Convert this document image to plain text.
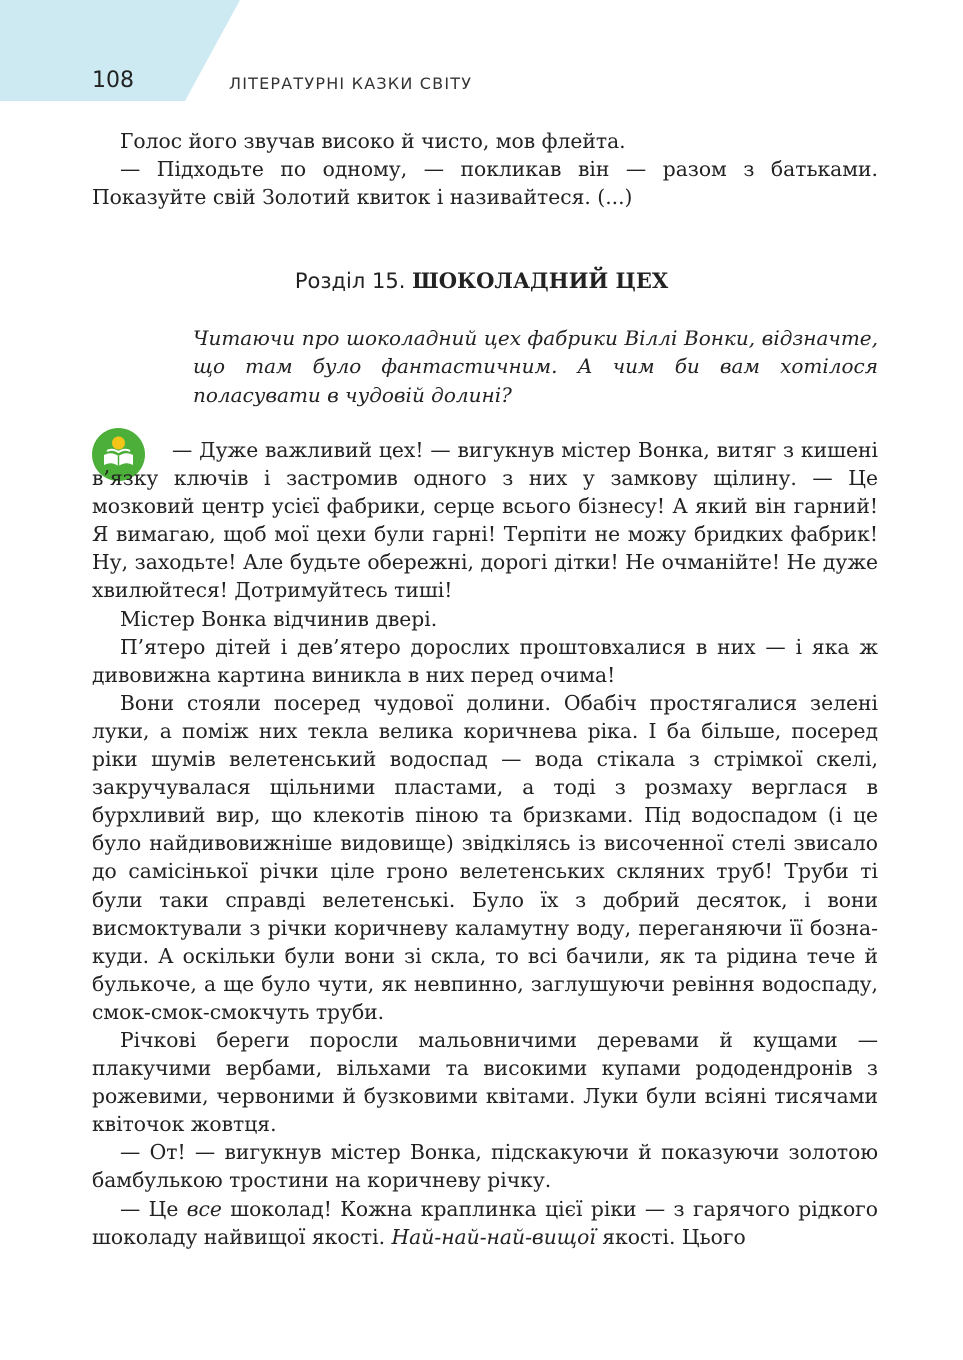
108	ЛІТЕРАТУРНІ КАЗКИ СВІТУ

Голос його звучав високо й чисто, мов флейта.

— Підходьте по одному, — покликав він — разом з батьками. Показуйте свій Золотий квиток і називайтеся. (...)

Розділ 15. ШОКОЛАДНИЙ ЦЕХ

Читаючи про шоколадний цех фабрики Віллі Вонки, відзначте, що там було фантастичним. А чим би вам хотілося поласувати в чудовій долині?

— Дуже важливий цех! — вигукнув містер Вонка, витяг з кишені в’язку ключів і застромив одного з них у замкову щілину. — Це мозковий центр усієї фабрики, серце всього бізнесу! А який він гарний! Я вимагаю, щоб мої цехи були гарні! Терпіти не можу бридких фабрик! Ну, заходьте! Але будьте обережні, дорогі дітки! Не очманійте! Не дуже хвилюйтеся! Дотримуйтесь тиші!

Містер Вонка відчинив двері.

П’ятеро дітей і дев’ятеро дорослих проштовхалися в них — і яка ж дивовижна картина виникла в них перед очима!

Вони стояли посеред чудової долини. Обабіч простягалися зелені луки, а поміж них текла велика коричнева ріка. І ба більше, посеред ріки шумів велетенський водоспад — вода стікала з стрімкої скелі, закручувалася щільними пластами, а тоді з розмаху верглася в бурхливий вир, що клекотів піною та бризками. Під водоспадом (і це було найдивовижніше видовище) звідкілясь із височенної стелі звисало до самісінької річки ціле гроно велетенських скляних труб! Труби ті були таки справді велетенські. Було їх з добрий десяток, і вони висмоктували з річки коричневу каламутну воду, переганяючи її бозна-куди. А оскільки були вони зі скла, то всі бачили, як та рідина тече й булькоче, а ще було чути, як невпинно, заглушуючи ревіння водоспаду, смок-смок-смокчуть труби.

Річкові береги поросли мальовничими деревами й кущами — плакучими вербами, вільхами та високими купами рододендронів з рожевими, червоними й бузковими квітами. Луки були всіяні тисячами квіточок жовтця.

— От! — вигукнув містер Вонка, підскакуючи й показуючи золотою бамбулькою тростини на коричневу річку.

— Це все шоколад! Кожна краплинка цієї ріки — з гарячого рідкого шоколаду найвищої якості. Най-най-най-вищої якості. Цього
